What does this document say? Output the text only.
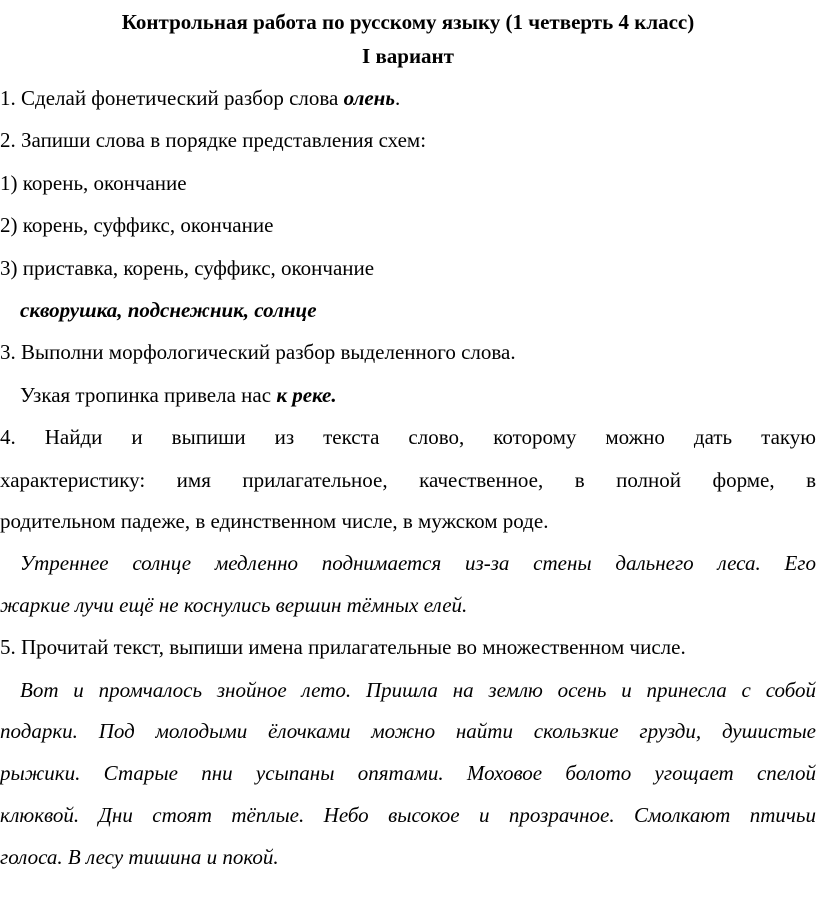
Контрольная работа по русскому языку (1 четверть 4 класс)
I вариант
1. Сделай фонетический разбор слова олень.
2. Запиши слова в порядке представления схем:
1) корень, окончание
2) корень, суффикс, окончание
3) приставка, корень, суффикс, окончание
скворушка, подснежник, солнце
3. Выполни морфологический разбор выделенного слова.
Узкая тропинка привела нас к реке.
4. Найди и выпиши из текста слово, которому можно дать такую
характеристику: имя прилагательное, качественное, в полной форме, в
родительном падеже, в единственном числе, в мужском роде.
Утреннее солнце медленно поднимается из-за стены дальнего леса. Его
жаркие лучи ещё не коснулись вершин тёмных елей.
5. Прочитай текст, выпиши имена прилагательные во множественном числе.
Вот и промчалось знойное лето. Пришла на землю осень и принесла с собой
подарки. Под молодыми ёлочками можно найти скользкие грузди, душистые
рыжики. Старые пни усыпаны опятами. Моховое болото угощает спелой
клюквой. Дни стоят тёплые. Небо высокое и прозрачное. Смолкают птичьи
голоса. В лесу тишина и покой.
